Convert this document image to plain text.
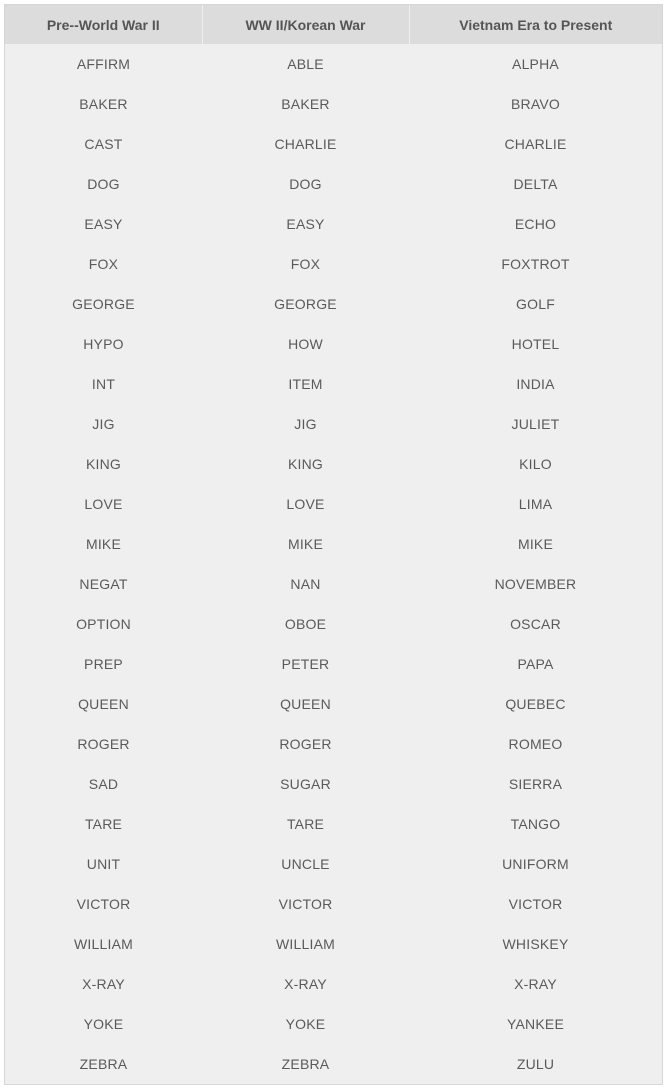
Pre--World War II	WW II/Korean War	Vietnam Era to Present
AFFIRM	ABLE	ALPHA
BAKER	BAKER	BRAVO
CAST	CHARLIE	CHARLIE
DOG	DOG	DELTA
EASY	EASY	ECHO
FOX	FOX	FOXTROT
GEORGE	GEORGE	GOLF
HYPO	HOW	HOTEL
INT	ITEM	INDIA
JIG	JIG	JULIET
KING	KING	KILO
LOVE	LOVE	LIMA
MIKE	MIKE	MIKE
NEGAT	NAN	NOVEMBER
OPTION	OBOE	OSCAR
PREP	PETER	PAPA
QUEEN	QUEEN	QUEBEC
ROGER	ROGER	ROMEO
SAD	SUGAR	SIERRA
TARE	TARE	TANGO
UNIT	UNCLE	UNIFORM
VICTOR	VICTOR	VICTOR
WILLIAM	WILLIAM	WHISKEY
X-RAY	X-RAY	X-RAY
YOKE	YOKE	YANKEE
ZEBRA	ZEBRA	ZULU
